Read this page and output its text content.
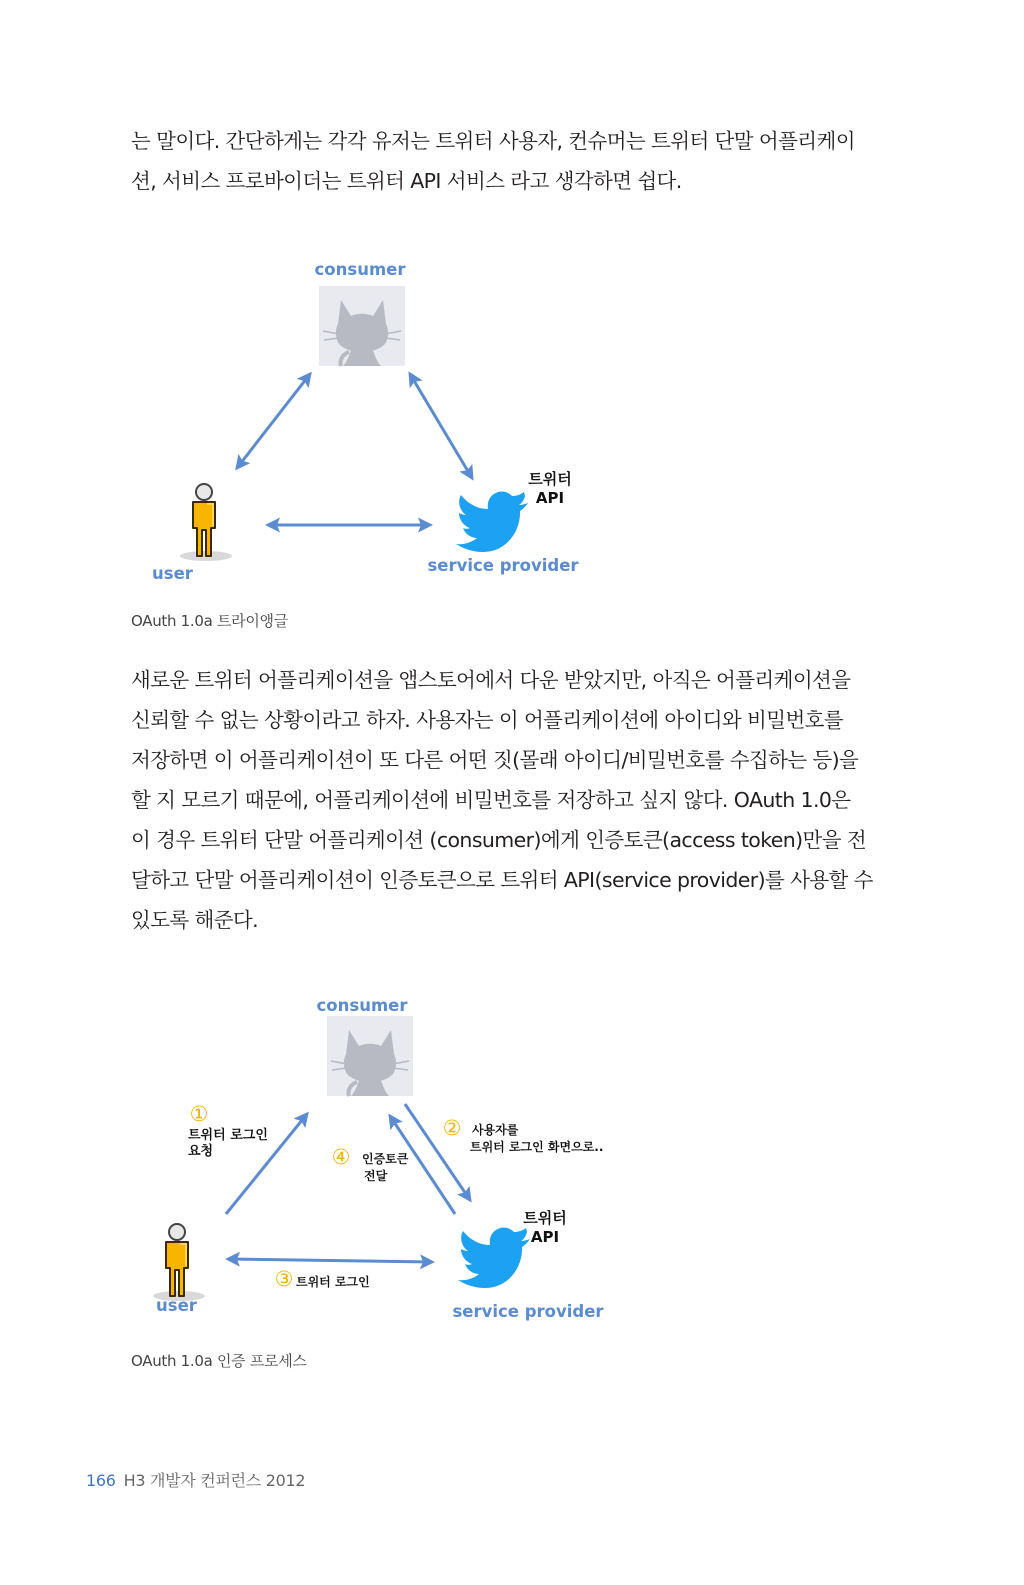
는 말이다. 간단하게는 각각 유저는 트위터 사용자, 컨슈머는 트위터 단말 어플리케이
션, 서비스 프로바이더는 트위터 API 서비스 라고 생각하면 쉽다.
consumer
user
트위터
API
service provider
OAuth 1.0a 트라이앵글
새로운 트위터 어플리케이션을 앱스토어에서 다운 받았지만, 아직은 어플리케이션을
신뢰할 수 없는 상황이라고 하자. 사용자는 이 어플리케이션에 아이디와 비밀번호를
저장하면 이 어플리케이션이 또 다른 어떤 짓(몰래 아이디/비밀번호를 수집하는 등)을
할 지 모르기 때문에, 어플리케이션에 비밀번호를 저장하고 싶지 않다. OAuth 1.0은
이 경우 트위터 단말 어플리케이션 (consumer)에게 인증토큰(access token)만을 전
달하고 단말 어플리케이션이 인증토큰으로 트위터 API(service provider)를 사용할 수
있도록 해준다.
consumer
①
트위터 로그인
요청
② 사용자를
트위터 로그인 화면으로..
④ 인증토큰
전달
③ 트위터 로그인
user
트위터
API
service provider
OAuth 1.0a 인증 프로세스
166 H3 개발자 컨퍼런스 2012
